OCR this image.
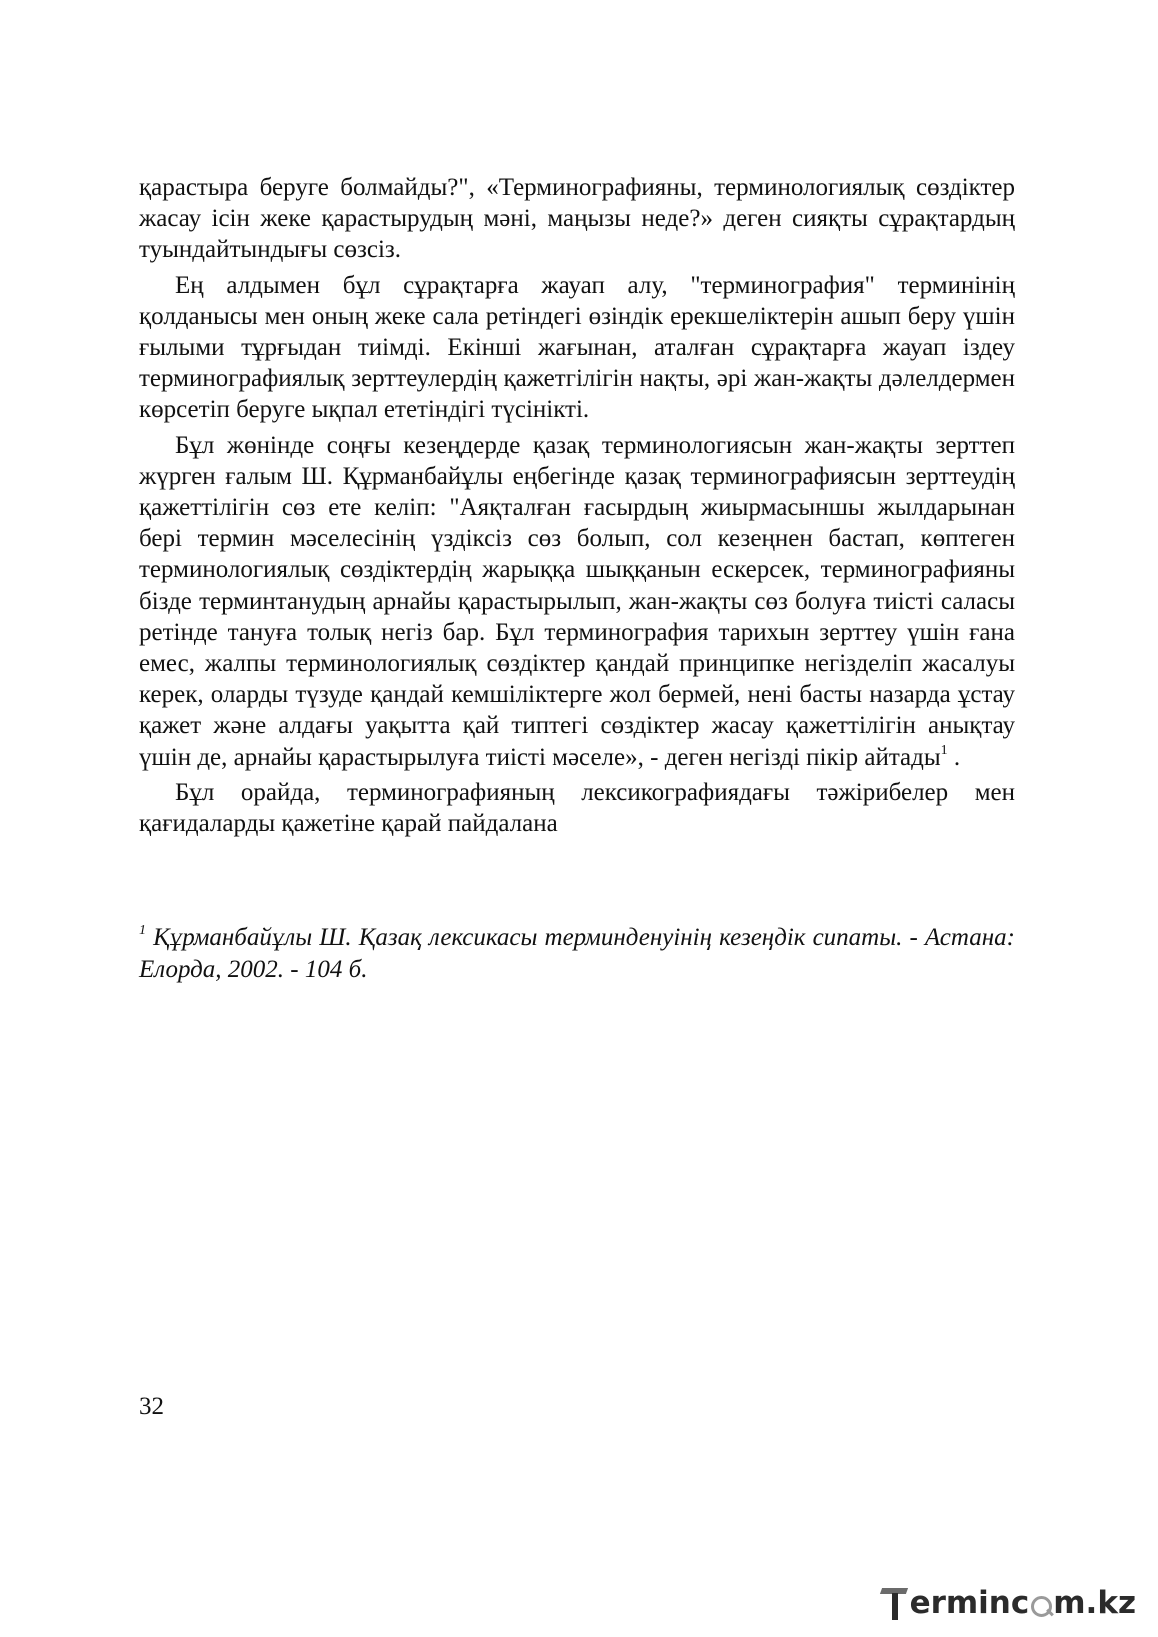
қарастыра беруге болмайды?", «Терминографияны, терминологиялық сөздіктер жасау ісін жеке қарастырудың мәні, маңызы неде?» деген сияқты сұрақтардың туындайтындығы сөзсіз.

Ең алдымен бұл сұрақтарға жауап алу, "терминография" терминінің қолданысы мен оның жеке сала ретіндегі өзіндік ерекшеліктерін ашып беру үшін ғылыми тұрғыдан тиімді. Екінші жағынан, аталған сұрақтарға жауап іздеу терминографиялық зерттеулердің қажетгілігін нақты, әрі жан-жақты дәлелдермен көрсетіп беруге ықпал ететіндігі түсінікті.

Бұл жөнінде соңғы кезеңдерде қазақ терминологиясын жан-жақты зерттеп жүрген ғалым Ш. Құрманбайұлы еңбегінде қазақ терминографиясын зерттеудің қажеттілігін сөз ете келіп: "Аяқталған ғасырдың жиырмасыншы жылдарынан бері термин мәселесінің үздіксіз сөз болып, сол кезеңнен бастап, көптеген терминологиялық сөздіктердің жарыққа шыққанын ескерсек, терминографияны бізде терминтанудың арнайы қарастырылып, жан-жақты сөз болуға тиісті саласы ретінде тануға толық негіз бар. Бұл терминография тарихын зерттеу үшін ғана емес, жалпы терминологиялық сөздіктер қандай принципке негізделіп жасалуы керек, оларды түзуде қандай кемшіліктерге жол бермей, нені басты назарда ұстау қажет және алдағы уақытта қай типтегі сөздіктер жасау қажеттілігін анықтау үшін де, арнайы қарастырылуға тиісті мәселе», - деген негізді пікір айтады$^1$ .

Бұл орайда, терминографияның лексикографиядағы тәжірибелер мен қағидаларды қажетіне қарай пайдалана

$^1$ Құрманбайұлы Ш. Қазақ лексикасы терминденуінің кезеңдік сипаты. - Астана: Елорда, 2002. - 104 б.
32
erminc m.kz
